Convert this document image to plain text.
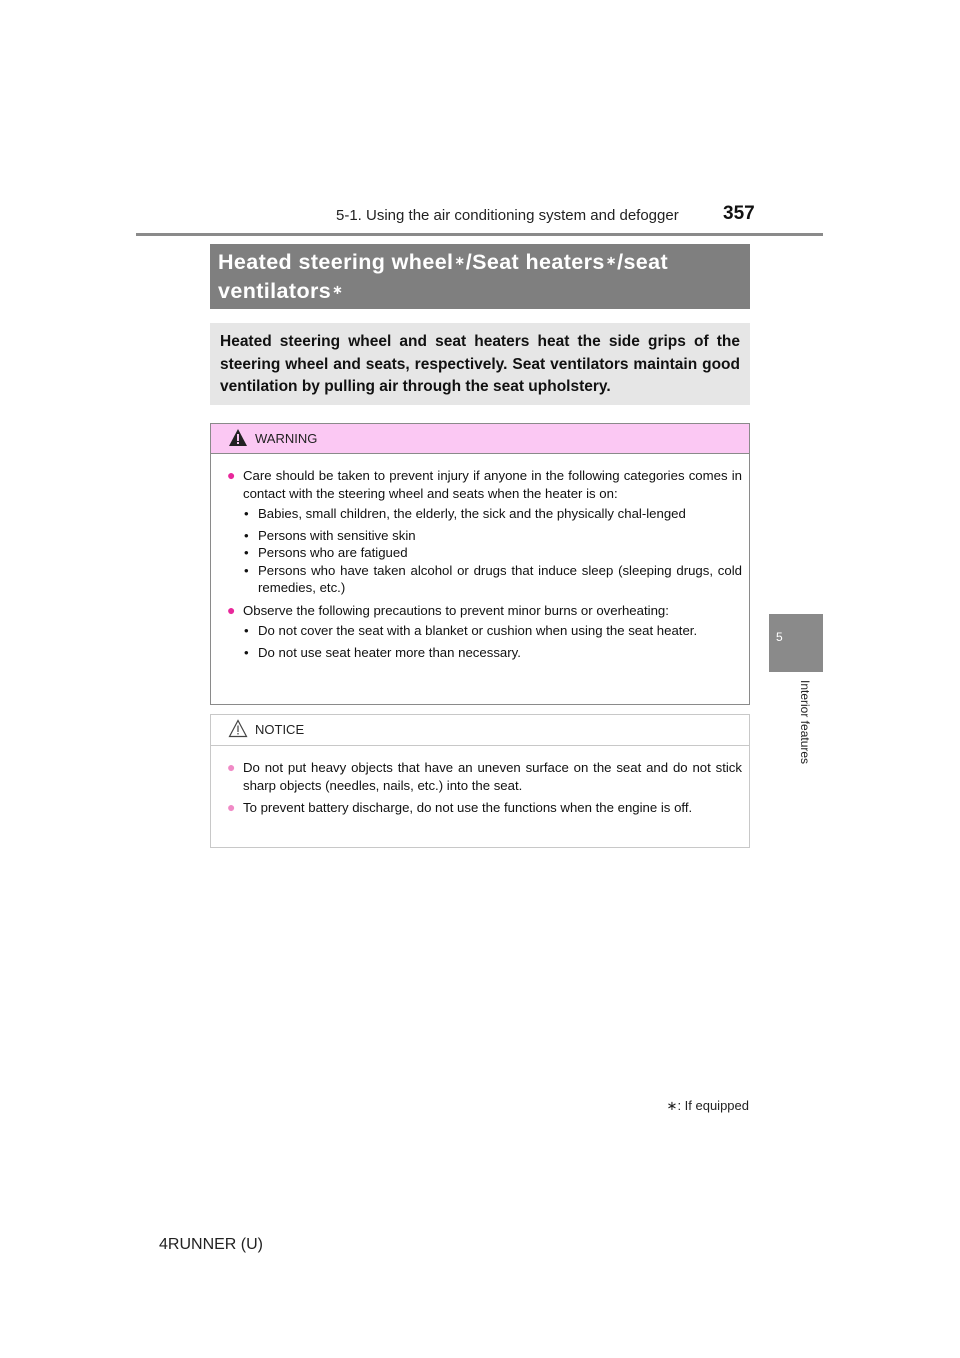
5-1. Using the air conditioning system and defogger 357
5
Interior features
Heated steering wheel∗/Seat heaters∗/seat ventilators∗

Heated steering wheel and seat heaters heat the side grips of the steering wheel and seats, respectively. Seat ventilators maintain good ventilation by pulling air through the seat upholstery.

WARNING
● Care should be taken to prevent injury if anyone in the following categories comes in contact with the steering wheel and seats when the heater is on:
• Babies, small children, the elderly, the sick and the physically chal-lenged
• Persons with sensitive skin
• Persons who are fatigued
• Persons who have taken alcohol or drugs that induce sleep (sleeping drugs, cold remedies, etc.)
● Observe the following precautions to prevent minor burns or overheating:
• Do not cover the seat with a blanket or cushion when using the seat heater.
• Do not use seat heater more than necessary.
NOTICE
● Do not put heavy objects that have an uneven surface on the seat and do not stick sharp objects (needles, nails, etc.) into the seat.
● To prevent battery discharge, do not use the functions when the engine is off.
∗: If equipped
4RUNNER (U)
